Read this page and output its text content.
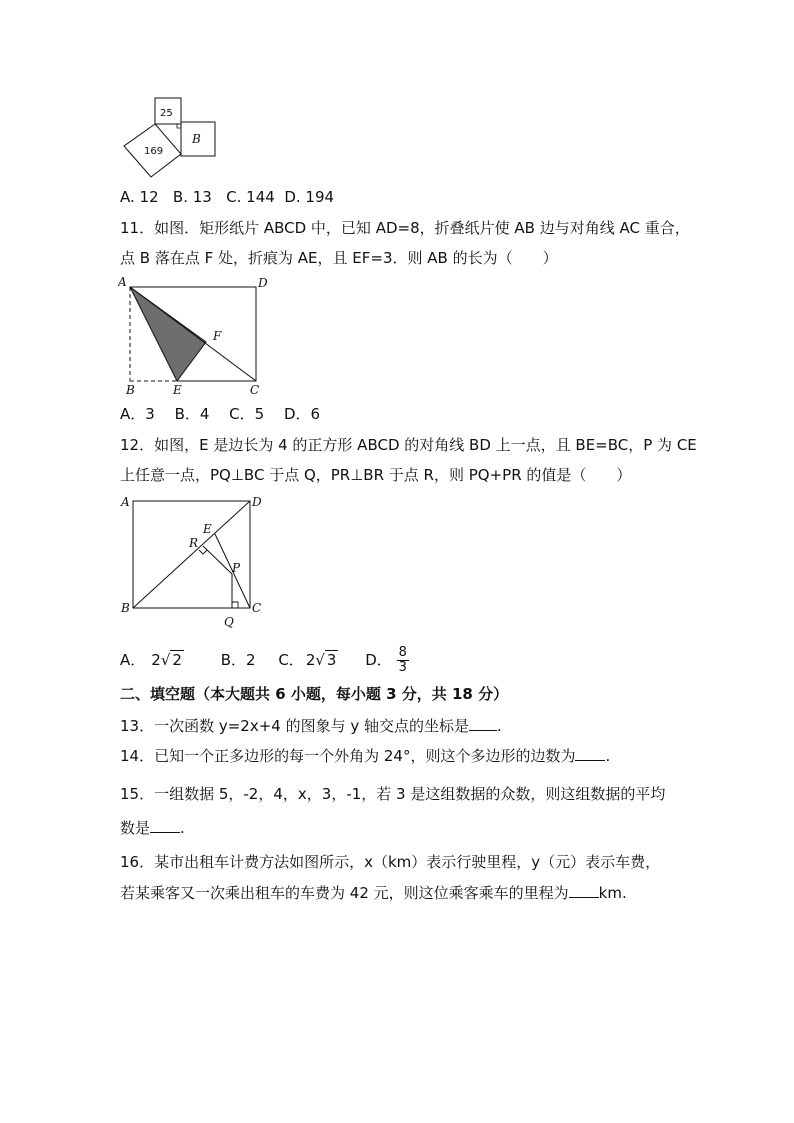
25
169
B
A. 12   B. 13   C. 144  D. 194
11．如图．矩形纸片 ABCD 中，已知 AD=8，折叠纸片使 AB 边与对角线 AC 重合，
点 B 落在点 F 处，折痕为 AE，且 EF=3．则 AB 的长为（　　）
A	D
F
B	E	C
A．3　 B．4　 C．5　 D．6
12．如图，E 是边长为 4 的正方形 ABCD 的对角线 BD 上一点，且 BE=BC，P 为 CE
上任意一点，PQ⊥BC 于点 Q，PR⊥BR 于点 R，则 PQ+PR 的值是（　　）
A	D
E
R
P
B	C
Q
A． 2√ 2	B．2 C． 2√ 3 D． $\frac{8}{3}$
二、填空题（本大题共 6 小题，每小题 3 分，共 18 分）
13．一次函数 y=2x+4 的图象与 y 轴交点的坐标是 .
14．已知一个正多边形的每一个外角为 24°，则这个多边形的边数为 .
15．一组数据 5，-2，4，x，3，-1，若 3 是这组数据的众数，则这组数据的平均
数是 .
16．某市出租车计费方法如图所示，x（km）表示行驶里程，y（元）表示车费，
若某乘客又一次乘出租车的车费为 42 元，则这位乘客乘车的里程为 km.
